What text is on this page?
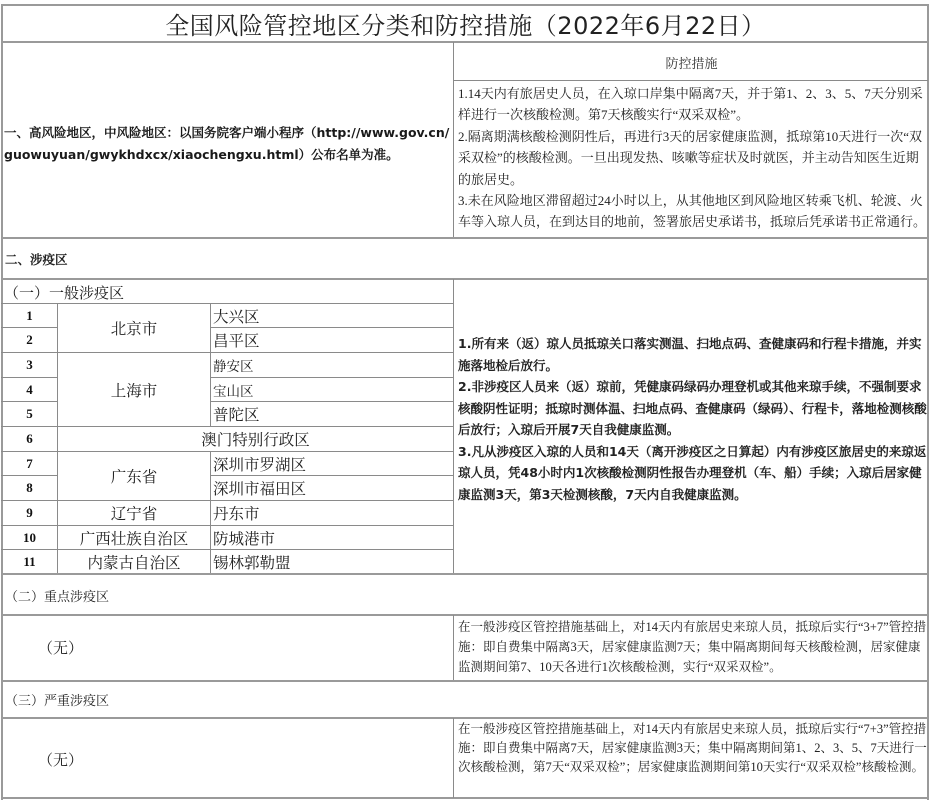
全国风险管控地区分类和防控措施（2022年6月22日）
防控措施
一、高风险地区，中风险地区：以国务院客户端小程序（http://www.gov.cn/guowuyuan/gwykhdxcx/xiaochengxu.html）公布名单为准。
1.14天内有旅居史人员，在入琼口岸集中隔离7天，并于第1、2、3、5、7天分别采样进行一次核酸检测。第7天核酸实行“双采双检”。
2.隔离期满核酸检测阴性后，再进行3天的居家健康监测，抵琼第10天进行一次“双采双检”的核酸检测。一旦出现发热、咳嗽等症状及时就医，并主动告知医生近期的旅居史。
3.未在风险地区滞留超过24小时以上，从其他地区到风险地区转乘飞机、轮渡、火车等入琼人员，在到达目的地前，签署旅居史承诺书，抵琼后凭承诺书正常通行。
二、涉疫区
（一）一般涉疫区
1
2
3
4
5
6
7
8
9
10
11
北京市
上海市
澳门特别行政区
广东省
辽宁省
广西壮族自治区
内蒙古自治区
大兴区
昌平区
静安区
宝山区
普陀区
深圳市罗湖区
深圳市福田区
丹东市
防城港市
锡林郭勒盟
1.所有来（返）琼人员抵琼关口落实测温、扫地点码、查健康码和行程卡措施，并实施落地检后放行。
2.非涉疫区人员来（返）琼前，凭健康码绿码办理登机或其他来琼手续，不强制要求核酸阴性证明；抵琼时测体温、扫地点码、查健康码（绿码）、行程卡，落地检测核酸后放行；入琼后开展7天自我健康监测。
3.凡从涉疫区入琼的人员和14天（离开涉疫区之日算起）内有涉疫区旅居史的来琼返琼人员，凭48小时内1次核酸检测阴性报告办理登机（车、船）手续；入琼后居家健康监测3天，第3天检测核酸，7天内自我健康监测。
（二）重点涉疫区
（无）
在一般涉疫区管控措施基础上，对14天内有旅居史来琼人员，抵琼后实行“3+7”管控措施：即自费集中隔离3天，居家健康监测7天；集中隔离期间每天核酸检测，居家健康监测期间第7、10天各进行1次核酸检测，实行“双采双检”。
（三）严重涉疫区
（无）
在一般涉疫区管控措施基础上，对14天内有旅居史来琼人员，抵琼后实行“7+3”管控措施：即自费集中隔离7天，居家健康监测3天；集中隔离期间第1、2、3、5、7天进行一次核酸检测，第7天“双采双检”；居家健康监测期间第10天实行“双采双检”核酸检测。
